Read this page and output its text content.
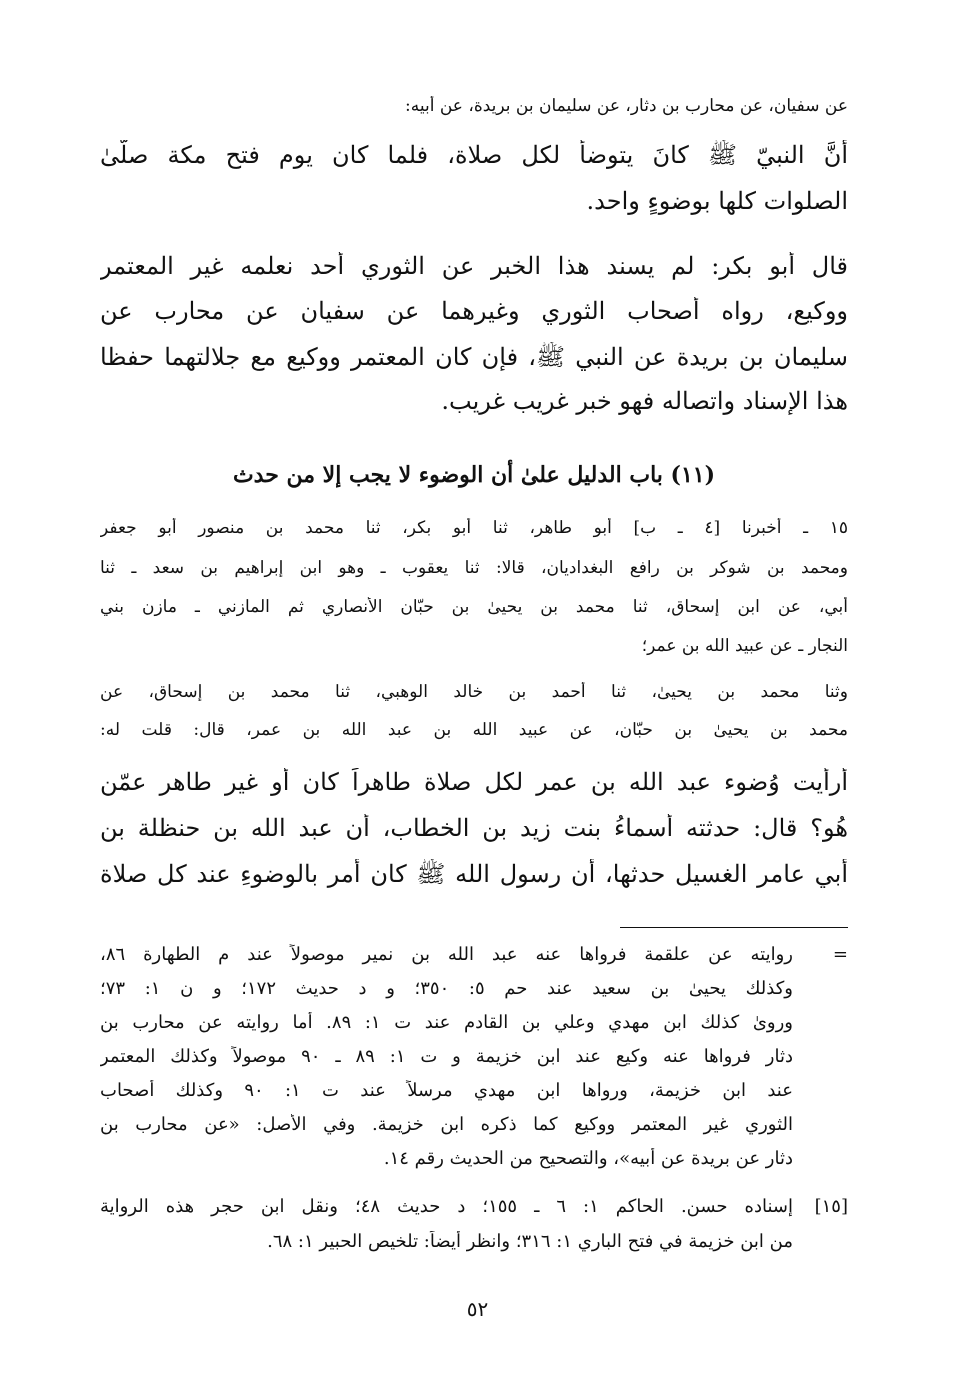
عن سفيان، عن محارب بن دثار، عن سليمان بن بريدة، عن أبيه:
أنَّ النبيّ ﷺ كانَ يتوضأُ لكل صلاة، فلما كان يوم فتح مكة صلّىٰ
الصلوات كلها بوضوءٍ واحد.
قال أبو بكر: لم يسند هذا الخبر عن الثوري أحد نعلمه غير المعتمر
ووكيع، رواه أصحاب الثوري وغيرهما عن سفيان عن محارب عن
سليمان بن بريدة عن النبي ﷺ، فإن كان المعتمر ووكيع مع جلالتهما حفظا
هذا الإسناد واتصاله فهو خبر غريب غريب.
(١١) باب الدليل علىٰ أن الوضوء لا يجب إلا من حدث
١٥ ـ أخبرنا [٤ ـ ب] أبو طاهر، ثنا أبو بكر، ثنا محمد بن منصور أبو جعفر
ومحمد بن شوكر بن رافع البغداديان، قالا: ثنا يعقوب ـ وهو ابن إبراهيم بن سعد ـ ثنا
أبي، عن ابن إسحاق، ثنا محمد بن يحيىٰ بن حبّان الأنصاري ثم المازني ـ مازن بني
النجار ـ عن عبيد الله بن عمر؛
وثنا محمد بن يحيىٰ، ثنا أحمد بن خالد الوهبي، ثنا محمد بن إسحاق، عن
محمد بن يحيىٰ بن حبّان، عن عبيد الله بن عبد الله بن عمر، قال: قلت له:
أرأيت وُضوء عبد الله بن عمر لكل صلاة طاهراً كان أو غير طاهر عمّن
هُو؟ قال: حدثته أسماءُ بنت زيد بن الخطاب، أن عبد الله بن حنظلة بن
أبي عامر الغسيل حدثها، أن رسول الله ﷺ كان أُمر بالوضوءِ عند كل صلاة
=
روايته عن علقمة فرواها عنه عبد الله بن نمير موصولاً عند م الطهارة ٨٦،
وكذلك يحيىٰ بن سعيد عند حم ٥: ٣٥٠؛ و د حديث ١٧٢؛ و ن ١: ٧٣؛
وروىٰ كذلك ابن مهدي وعلي بن القادم عند ت ١: ٨٩. أما روايته عن محارب بن
دثار فرواها عنه وكيع عند ابن خزيمة و ت ١: ٨٩ ـ ٩٠ موصولاً وكذلك المعتمر
عند ابن خزيمة، ورواها ابن مهدي مرسلاً عند ت ١: ٩٠ وكذلك أصحاب
الثوري غير المعتمر ووكيع كما ذكره ابن خزيمة. وفي الأصل: «عن محارب بن
دثار عن بريدة عن أبيه»، والتصحيح من الحديث رقم ١٤.
[١٥]
إسناده حسن. الحاكم ١: ٦ ـ ١٥٥؛ د حديث ٤٨؛ ونقل ابن حجر هذه الرواية
من ابن خزيمة في فتح الباري ١: ٣١٦؛ وانظر أيضاً: تلخيص الحبير ١: ٦٨.
٥٢
